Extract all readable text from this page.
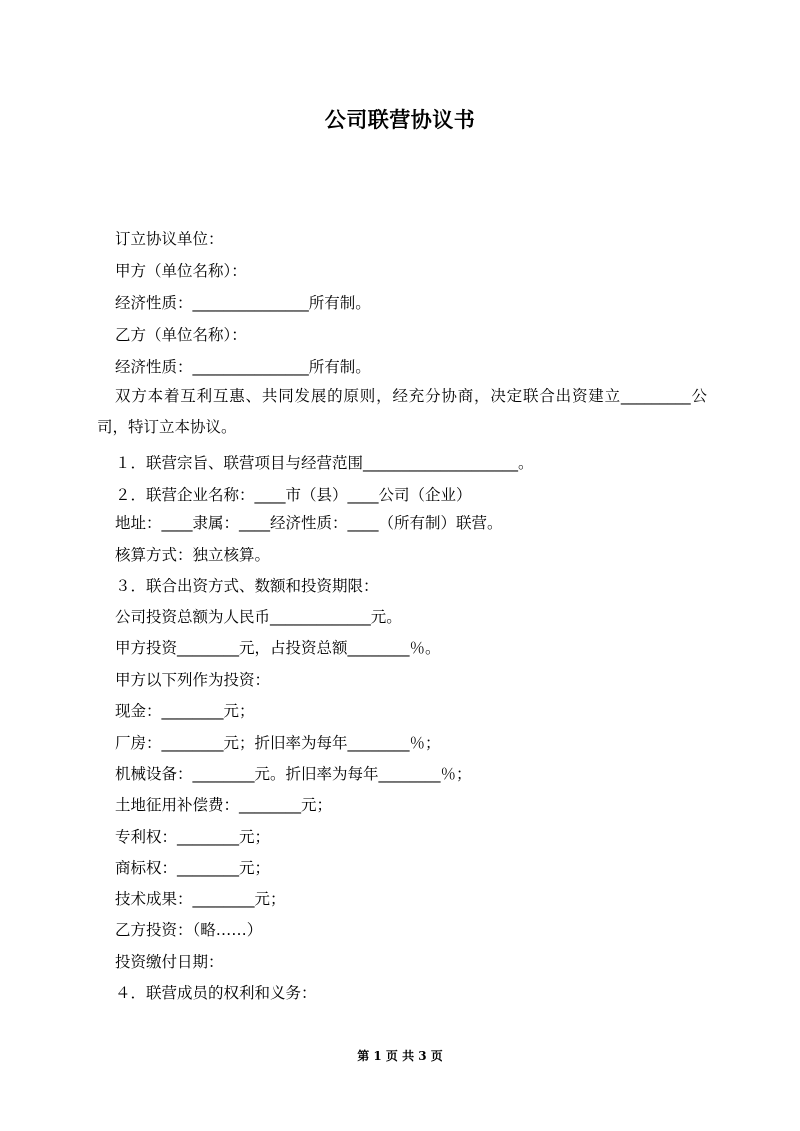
公司联营协议书
订立协议单位：
甲方（单位名称）：
经济性质：_______________所有制。
乙方（单位名称）：
经济性质：_______________所有制。
双方本着互利互惠、共同发展的原则，经充分协商，决定联合出资建立_________公司，特订立本协议。
１．联营宗旨、联营项目与经营范围____________________。
２．联营企业名称：____市（县）____公司（企业）
地址：____隶属：____经济性质：____（所有制）联营。
核算方式：独立核算。
３．联合出资方式、数额和投资期限：
公司投资总额为人民币_____________元。
甲方投资________元，占投资总额________％。
甲方以下列作为投资：
现金：________元；
厂房：________元；折旧率为每年________％；
机械设备：________元。折旧率为每年________％；
土地征用补偿费：________元；
专利权：________元；
商标权：________元；
技术成果：________元；
乙方投资：（略……）
投资缴付日期：
４．联营成员的权利和义务：
第 1 页 共 3 页
